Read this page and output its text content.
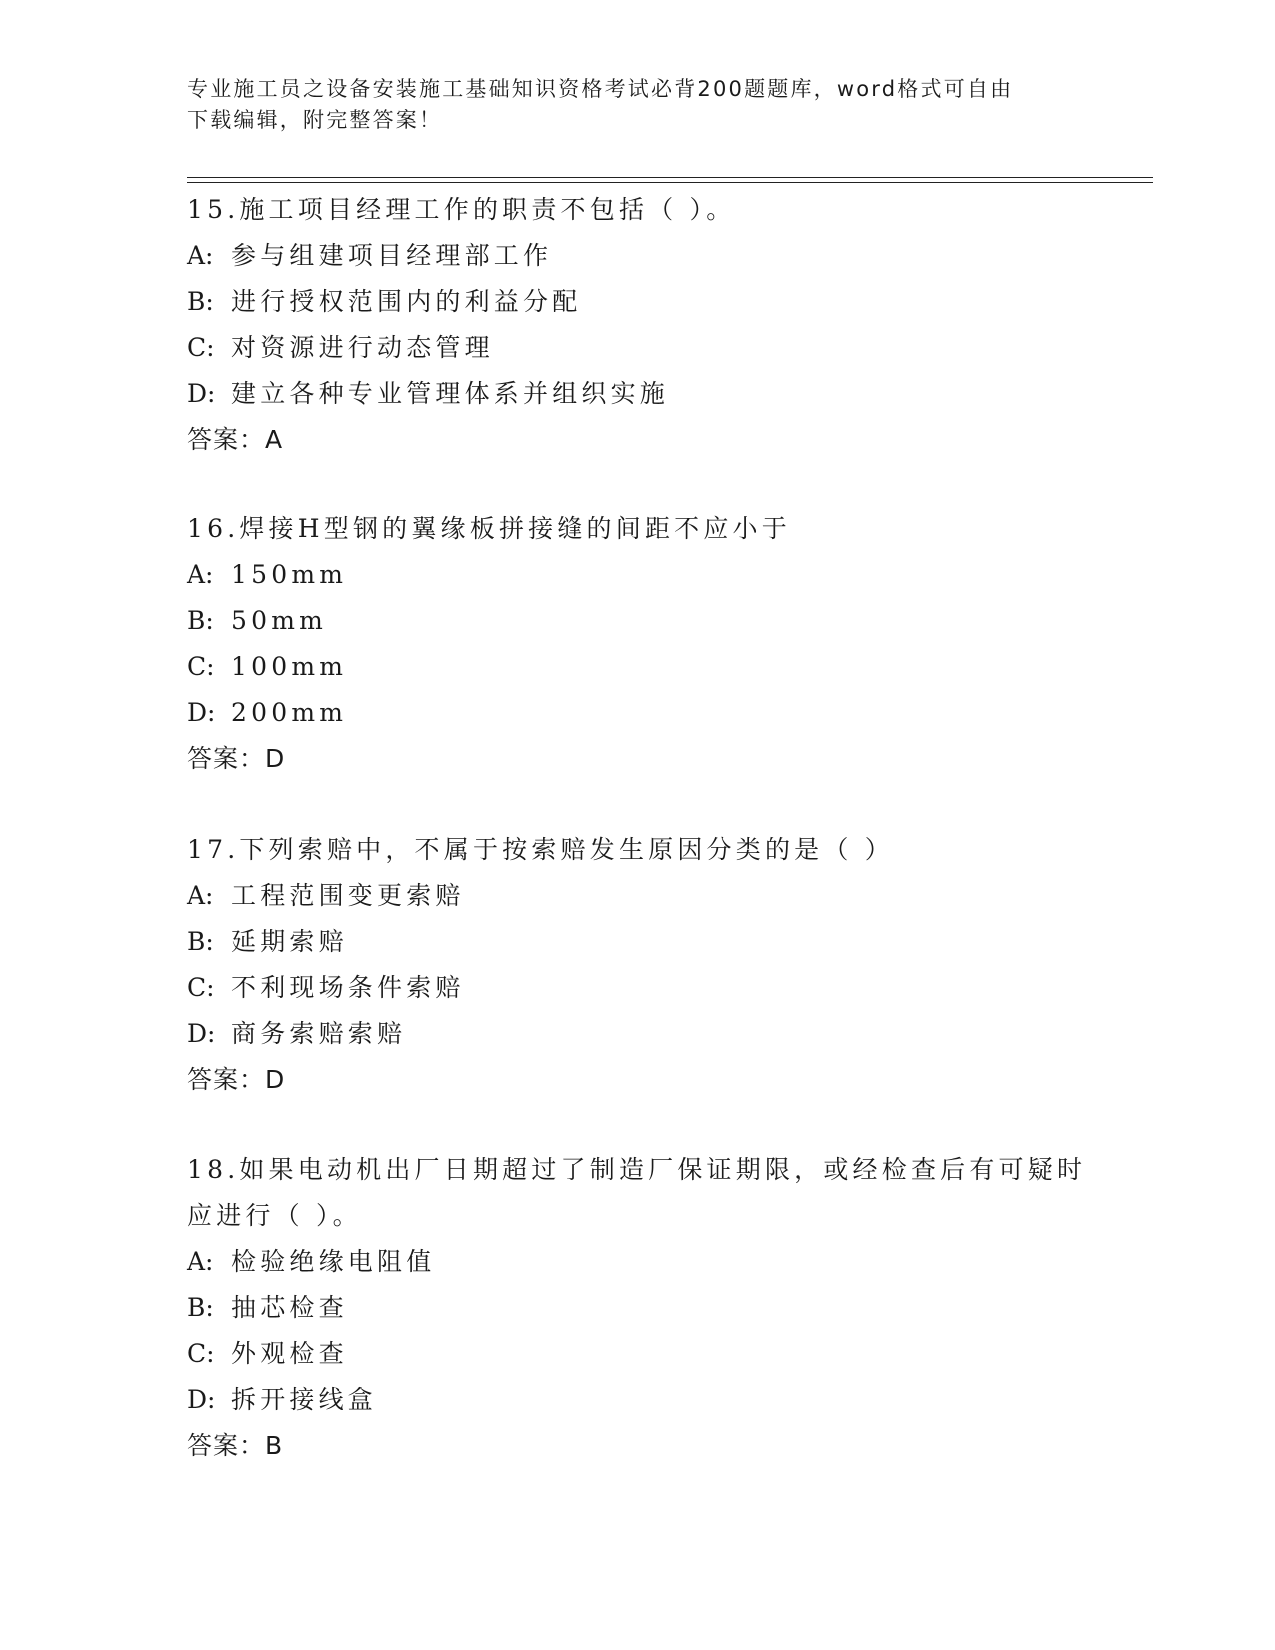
专业施工员之设备安装施工基础知识资格考试必背200题题库，word格式可自由
下载编辑，附完整答案！
15.施工项目经理工作的职责不包括（ ）。
A: 参与组建项目经理部工作
B: 进行授权范围内的利益分配
C: 对资源进行动态管理
D: 建立各种专业管理体系并组织实施
答案：A
16.焊接H型钢的翼缘板拼接缝的间距不应小于
A: 150mm
B: 50mm
C: 100mm
D: 200mm
答案：D
17.下列索赔中，不属于按索赔发生原因分类的是（ ）
A: 工程范围变更索赔
B: 延期索赔
C: 不利现场条件索赔
D: 商务索赔索赔
答案：D
18.如果电动机出厂日期超过了制造厂保证期限，或经检查后有可疑时
应进行（ ）。
A: 检验绝缘电阻值
B: 抽芯检查
C: 外观检查
D: 拆开接线盒
答案：B
